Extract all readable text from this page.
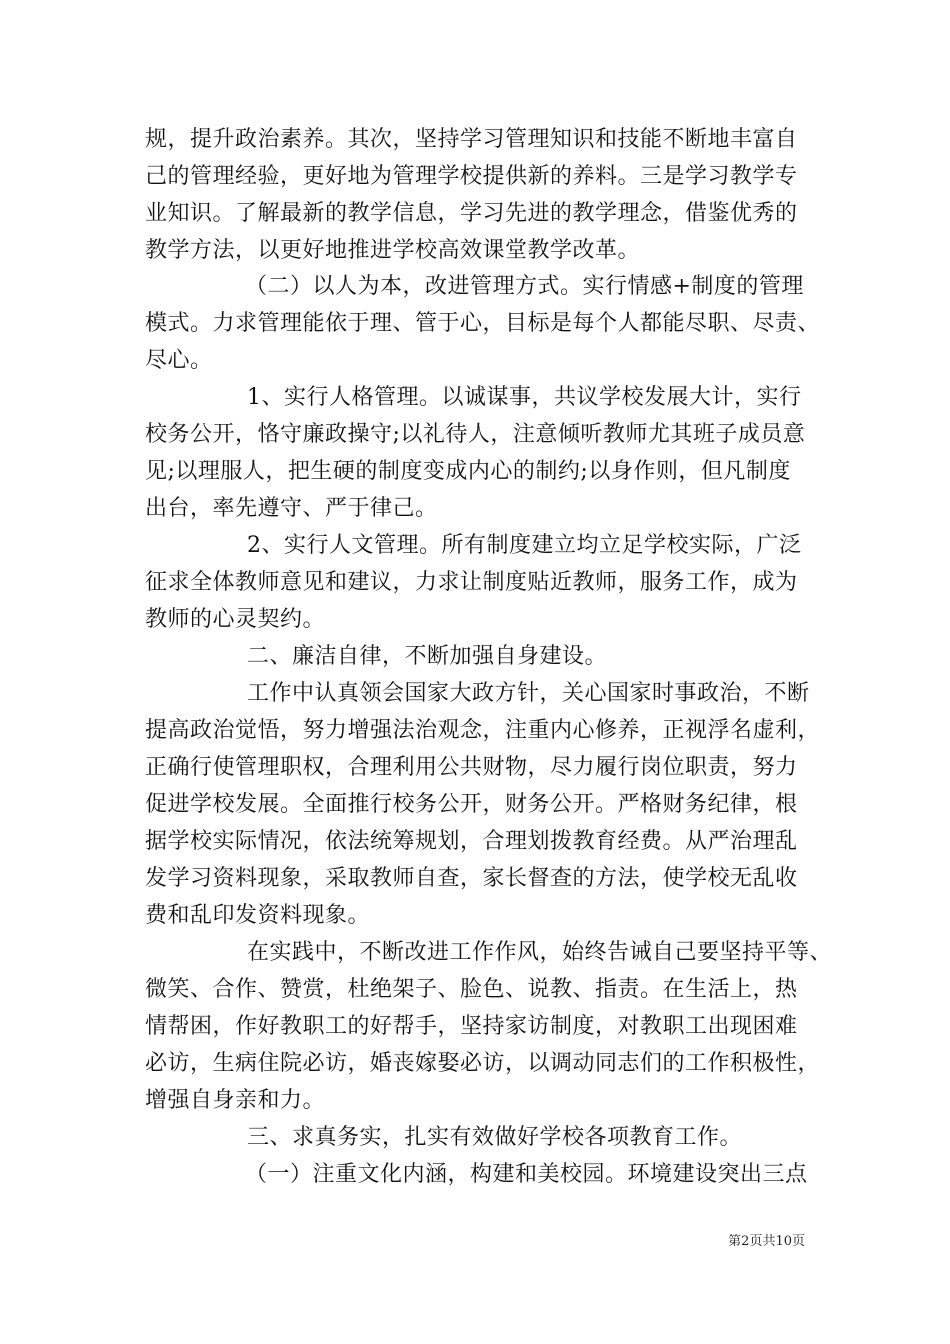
规，提升政治素养。其次，坚持学习管理知识和技能不断地丰富自
己的管理经验，更好地为管理学校提供新的养料。三是学习教学专
业知识。了解最新的教学信息，学习先进的教学理念，借鉴优秀的
教学方法，以更好地推进学校高效课堂教学改革。
（二）以人为本，改进管理方式。实行情感+制度的管理
模式。力求管理能依于理、管于心，目标是每个人都能尽职、尽责、
尽心。
1、实行人格管理。以诚谋事，共议学校发展大计，实行
校务公开，恪守廉政操守;以礼待人，注意倾听教师尤其班子成员意
见;以理服人，把生硬的制度变成内心的制约;以身作则，但凡制度
出台，率先遵守、严于律己。
2、实行人文管理。所有制度建立均立足学校实际，广泛
征求全体教师意见和建议，力求让制度贴近教师，服务工作，成为
教师的心灵契约。
二、廉洁自律，不断加强自身建设。
工作中认真领会国家大政方针，关心国家时事政治，不断
提高政治觉悟，努力增强法治观念，注重内心修养，正视浮名虚利，
正确行使管理职权，合理利用公共财物，尽力履行岗位职责，努力
促进学校发展。全面推行校务公开，财务公开。严格财务纪律，根
据学校实际情况，依法统筹规划，合理划拨教育经费。从严治理乱
发学习资料现象，采取教师自查，家长督查的方法，使学校无乱收
费和乱印发资料现象。
在实践中，不断改进工作作风，始终告诫自己要坚持平等、
微笑、合作、赞赏，杜绝架子、脸色、说教、指责。在生活上，热
情帮困，作好教职工的好帮手，坚持家访制度，对教职工出现困难
必访，生病住院必访，婚丧嫁娶必访，以调动同志们的工作积极性，
增强自身亲和力。
三、求真务实，扎实有效做好学校各项教育工作。
（一）注重文化内涵，构建和美校园。环境建设突出三点
第2页共10页
